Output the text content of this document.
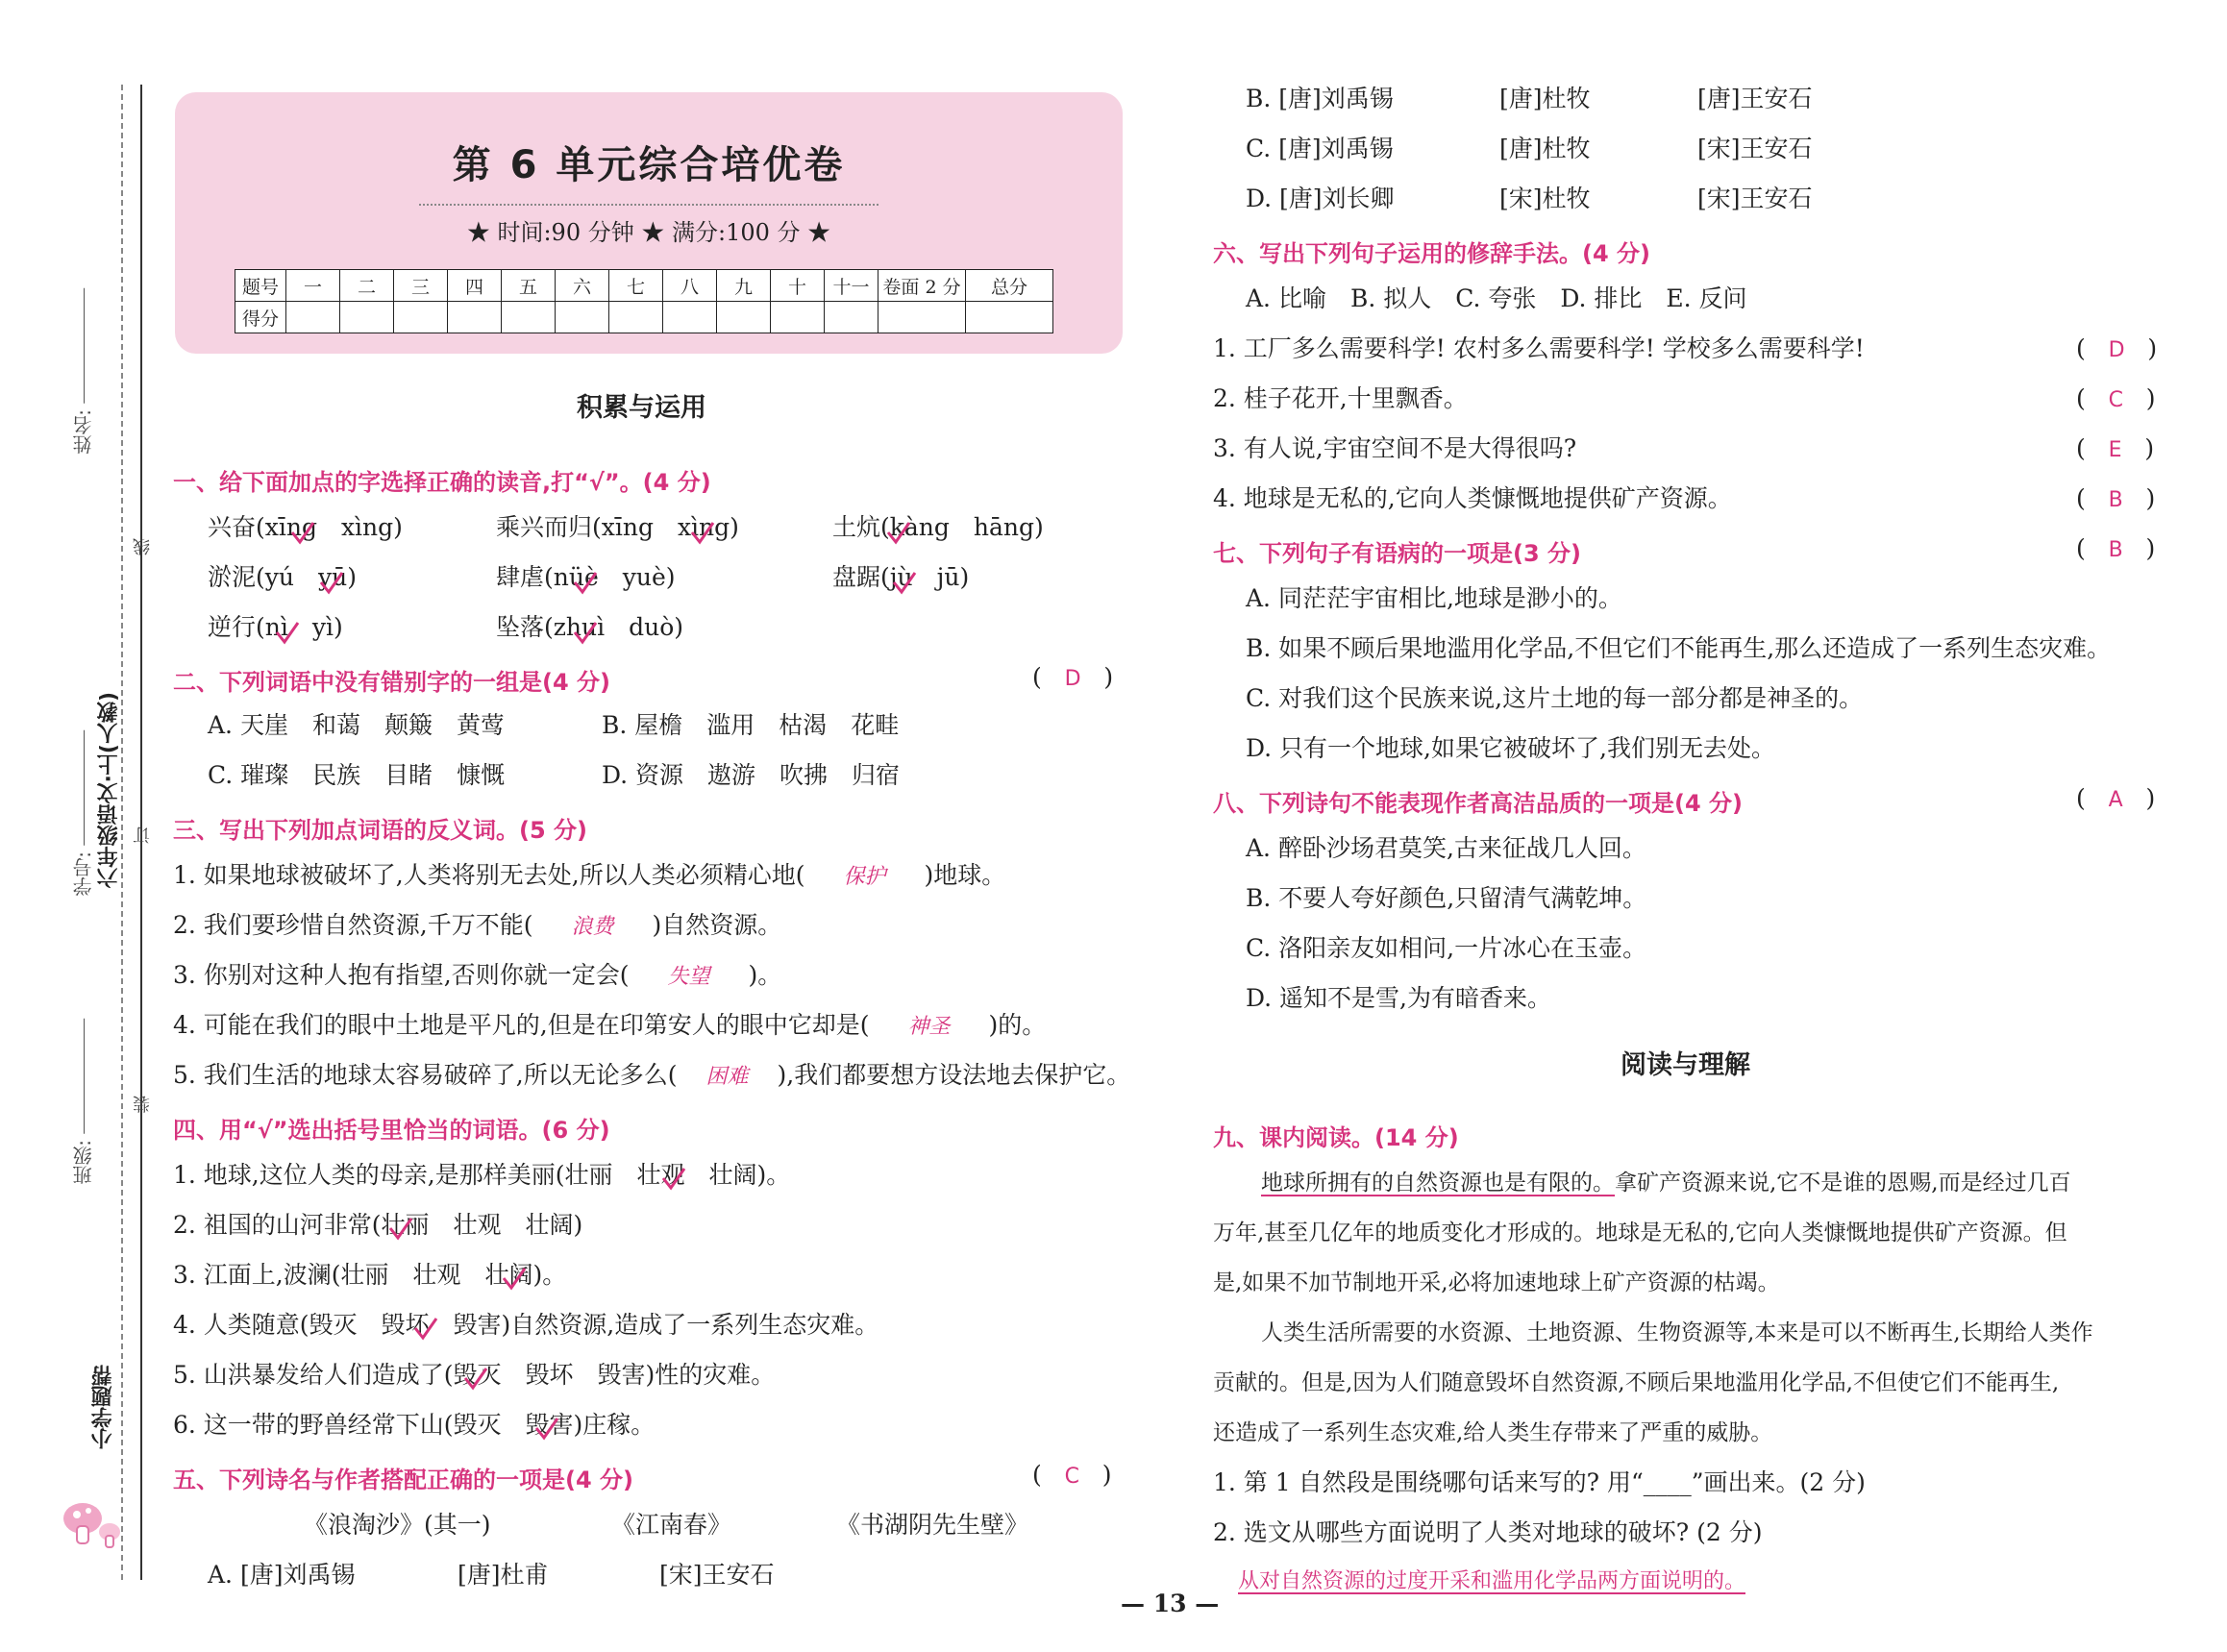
姓名:
学号:
班级:
六年级语文·上(人教)
线
订
装
小学题帮
第 6 单元综合培优卷
★ 时间:90 分钟 ★ 满分:100 分 ★
题号	一	二	三	四	五	六	七	八	九	十	十一	卷面 2 分	总分
得分													
积累与运用
一、给下面加点的字选择正确的读音,打“√”。(4 分)
兴奋(xīng　xìng)	乘兴而归(xīng　xìng)	土炕(kàng　hāng)
淤泥(yú　yū)	肆虐(nüè　yuè)	盘踞(jù　jū)
逆行(nì　yì)	坠落(zhuì　duò)
二、下列词语中没有错别字的一组是(4 分)	(   D   )
A. 天崖　和蔼　颠簸　黄莺	B. 屋檐　滥用　枯渴　花畦
C. 璀璨　民族　目睹　慷慨	D. 资源　遨游　吹拂　归宿
三、写出下列加点词语的反义词。(5 分)
1. 如果地球被破坏了,人类将别无去处,所以人类必须精心地( 保护 )地球。
2. 我们要珍惜自然资源,千万不能( 浪费 )自然资源。
3. 你别对这种人抱有指望,否则你就一定会( 失望 )。
4. 可能在我们的眼中土地是平凡的,但是在印第安人的眼中它却是( 神圣 )的。
5. 我们生活的地球太容易破碎了,所以无论多么( 困难 ),我们都要想方设法地去保护它。
四、用“√”选出括号里恰当的词语。(6 分)
1. 地球,这位人类的母亲,是那样美丽(壮丽　壮观　壮阔)。
2. 祖国的山河非常(壮丽　壮观　壮阔)
3. 江面上,波澜(壮丽　壮观　壮阔)。
4. 人类随意(毁灭　毁坏　毁害)自然资源,造成了一系列生态灾难。
5. 山洪暴发给人们造成了(毁灭　毁坏　毁害)性的灾难。
6. 这一带的野兽经常下山(毁灭　毁害)庄稼。
五、下列诗名与作者搭配正确的一项是(4 分)	(   C   )
《浪淘沙》(其一)	《江南春》	《书湖阴先生壁》
A. [唐]刘禹锡	[唐]杜甫	[宋]王安石
B. [唐]刘禹锡	[唐]杜牧	[唐]王安石
C. [唐]刘禹锡	[唐]杜牧	[宋]王安石
D. [唐]刘长卿	[宋]杜牧	[宋]王安石
六、写出下列句子运用的修辞手法。(4 分)
A. 比喻　B. 拟人　C. 夸张　D. 排比　E. 反问
1. 工厂多么需要科学! 农村多么需要科学! 学校多么需要科学!	(   D   )
2. 桂子花开,十里飘香。	(   C   )
3. 有人说,宇宙空间不是大得很吗?	(   E   )
4. 地球是无私的,它向人类慷慨地提供矿产资源。	(   B   )
七、下列句子有语病的一项是(3 分)	(   B   )
A. 同茫茫宇宙相比,地球是渺小的。
B. 如果不顾后果地滥用化学品,不但它们不能再生,那么还造成了一系列生态灾难。
C. 对我们这个民族来说,这片土地的每一部分都是神圣的。
D. 只有一个地球,如果它被破坏了,我们别无去处。
八、下列诗句不能表现作者高洁品质的一项是(4 分)	(   A   )
A. 醉卧沙场君莫笑,古来征战几人回。
B. 不要人夸好颜色,只留清气满乾坤。
C. 洛阳亲友如相问,一片冰心在玉壶。
D. 遥知不是雪,为有暗香来。
阅读与理解
九、课内阅读。(14 分)
地球所拥有的自然资源也是有限的。拿矿产资源来说,它不是谁的恩赐,而是经过几百
万年,甚至几亿年的地质变化才形成的。地球是无私的,它向人类慷慨地提供矿产资源。但
是,如果不加节制地开采,必将加速地球上矿产资源的枯竭。
人类生活所需要的水资源、土地资源、生物资源等,本来是可以不断再生,长期给人类作
贡献的。但是,因为人们随意毁坏自然资源,不顾后果地滥用化学品,不但使它们不能再生,
还造成了一系列生态灾难,给人类生存带来了严重的威胁。
1. 第 1 自然段是围绕哪句话来写的? 用“____”画出来。(2 分)
2. 选文从哪些方面说明了人类对地球的破坏? (2 分)
从对自然资源的过度开采和滥用化学品两方面说明的。
— 13 —
